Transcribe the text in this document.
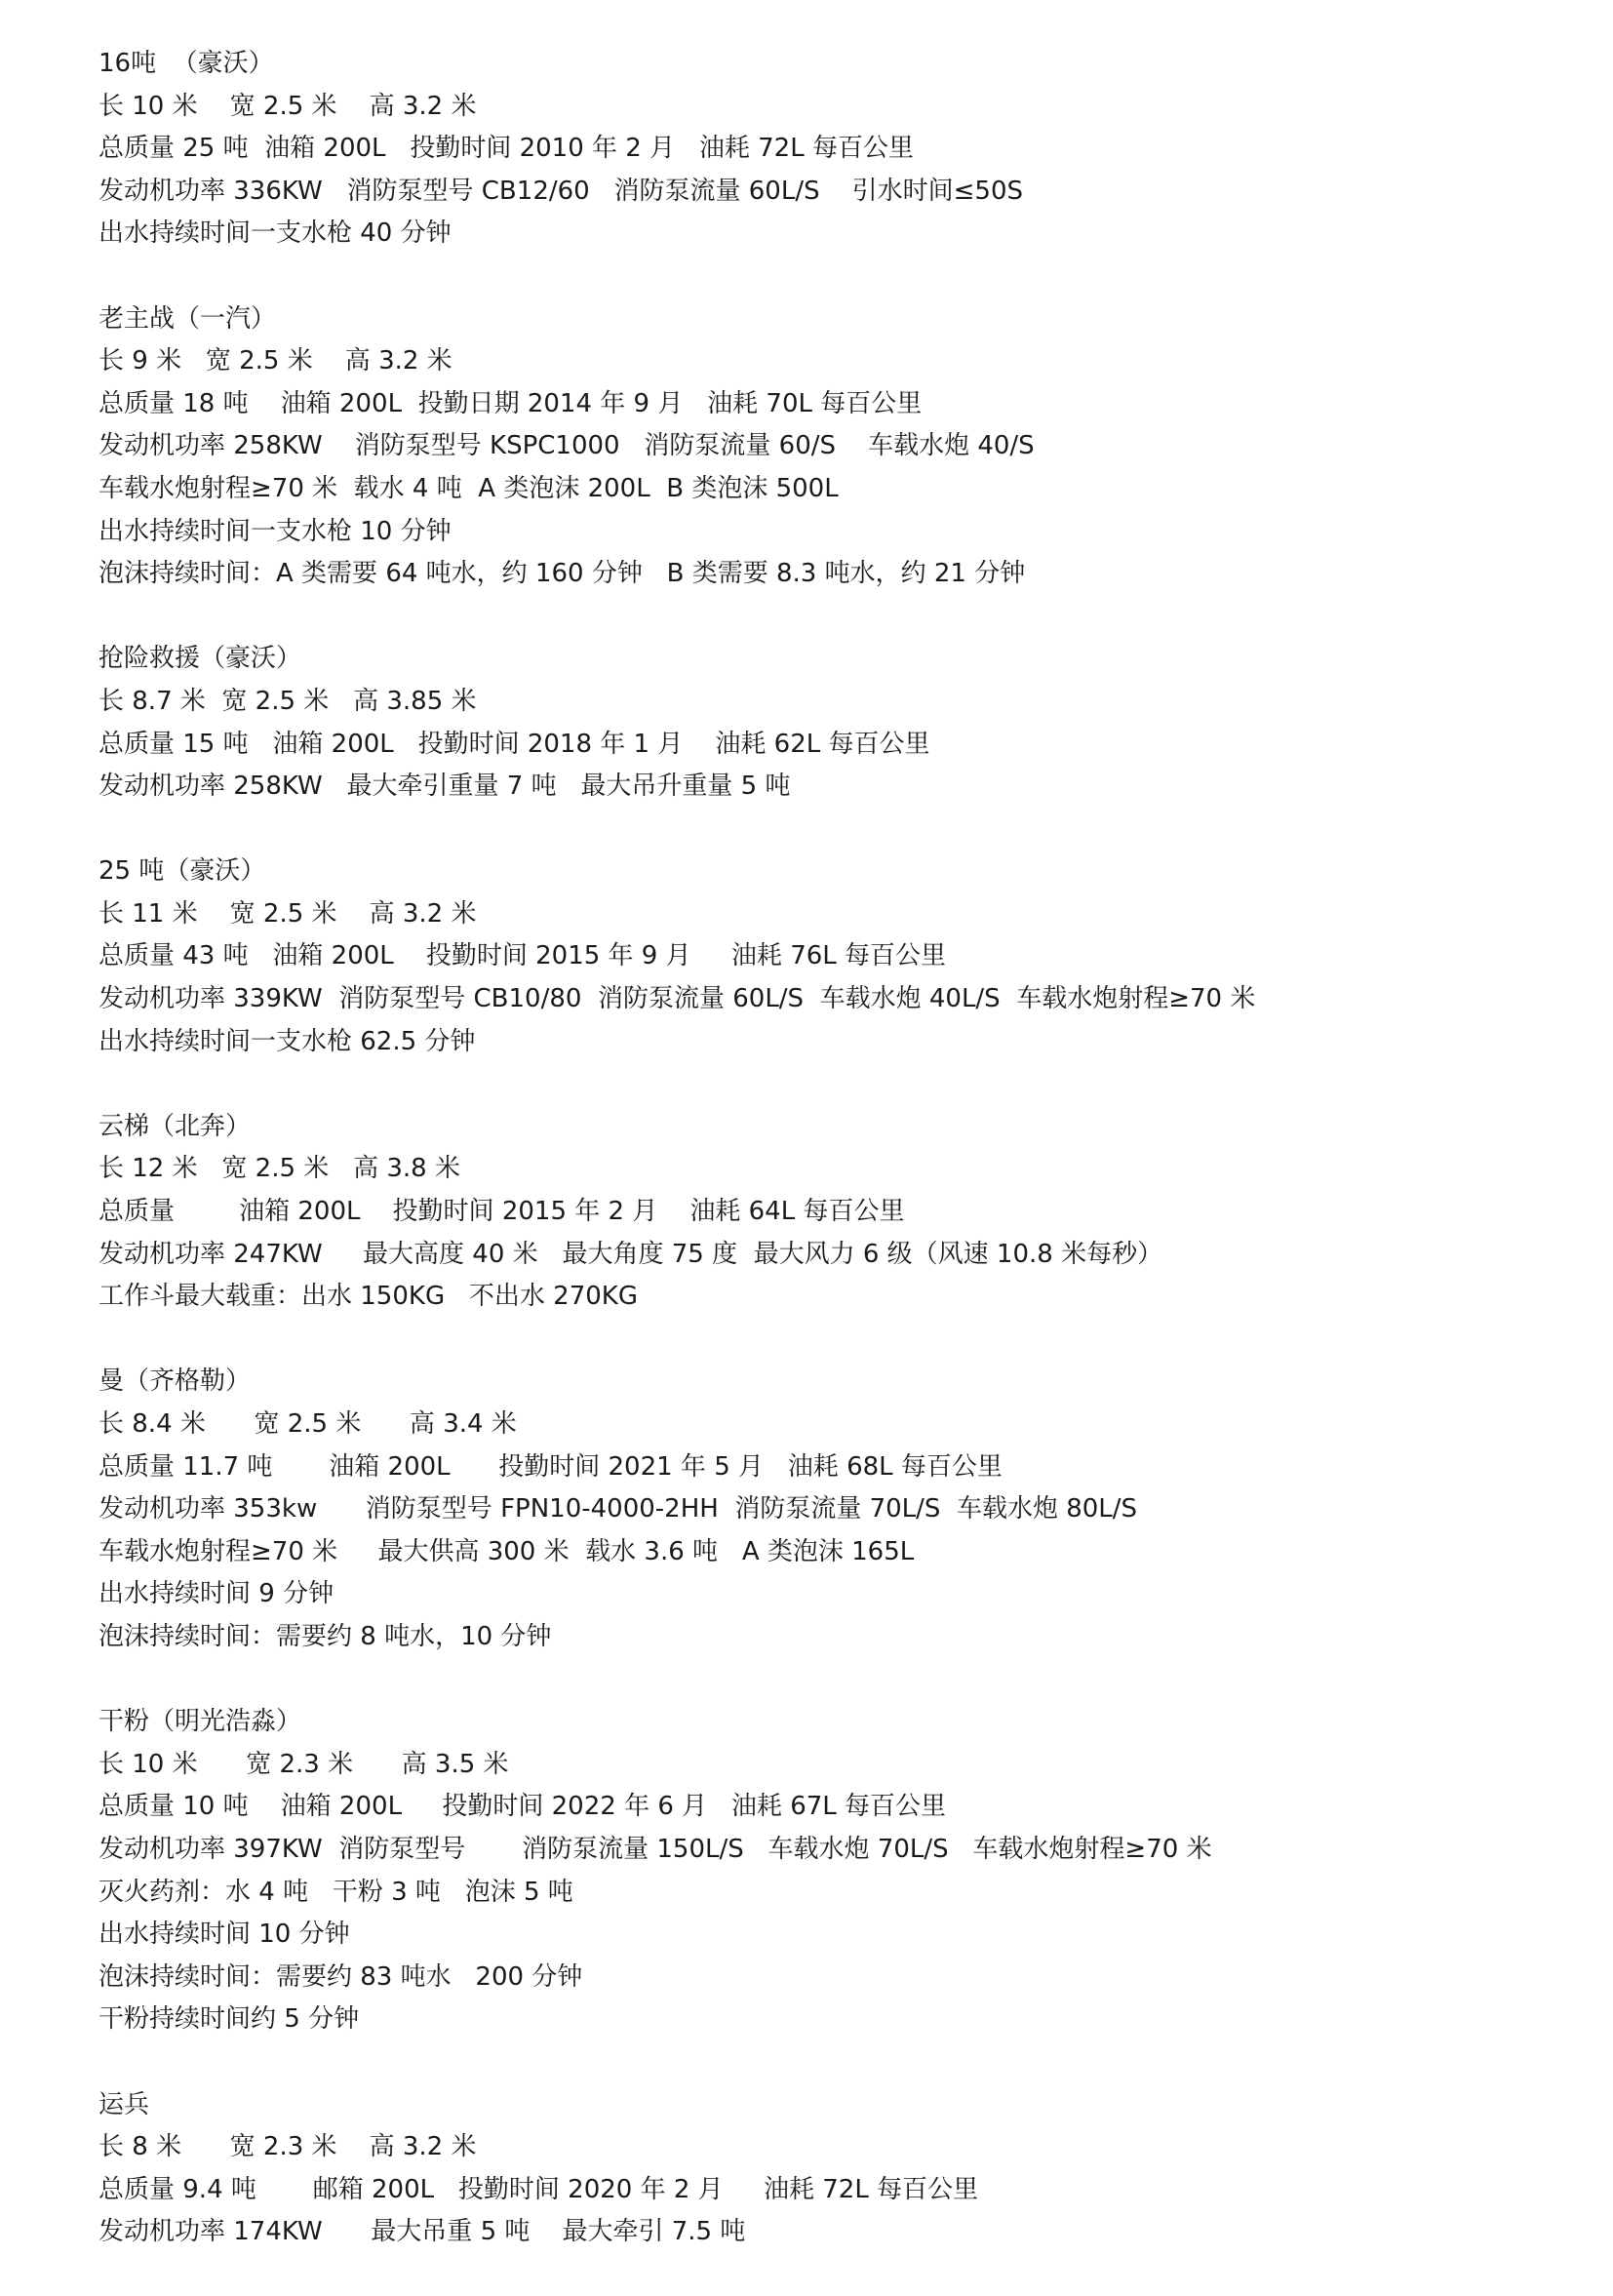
16吨  （豪沃）
长 10 米    宽 2.5 米    高 3.2 米
总质量 25 吨  油箱 200L   投勤时间 2010 年 2 月   油耗 72L 每百公里
发动机功率 336KW   消防泵型号 CB12/60   消防泵流量 60L/S    引水时间≤50S
出水持续时间一支水枪 40 分钟
老主战（一汽）
长 9 米   宽 2.5 米    高 3.2 米
总质量 18 吨    油箱 200L  投勤日期 2014 年 9 月   油耗 70L 每百公里
发动机功率 258KW    消防泵型号 KSPC1000   消防泵流量 60/S    车载水炮 40/S
车载水炮射程≥70 米  载水 4 吨  A 类泡沫 200L  B 类泡沫 500L
出水持续时间一支水枪 10 分钟
泡沫持续时间：A 类需要 64 吨水，约 160 分钟   B 类需要 8.3 吨水，约 21 分钟
抢险救援（豪沃）
长 8.7 米  宽 2.5 米   高 3.85 米
总质量 15 吨   油箱 200L   投勤时间 2018 年 1 月    油耗 62L 每百公里
发动机功率 258KW   最大牵引重量 7 吨   最大吊升重量 5 吨
25 吨（豪沃）
长 11 米    宽 2.5 米    高 3.2 米
总质量 43 吨   油箱 200L    投勤时间 2015 年 9 月     油耗 76L 每百公里
发动机功率 339KW  消防泵型号 CB10/80  消防泵流量 60L/S  车载水炮 40L/S  车载水炮射程≥70 米
出水持续时间一支水枪 62.5 分钟
云梯（北奔）
长 12 米   宽 2.5 米   高 3.8 米
总质量        油箱 200L    投勤时间 2015 年 2 月    油耗 64L 每百公里
发动机功率 247KW     最大高度 40 米   最大角度 75 度  最大风力 6 级（风速 10.8 米每秒）
工作斗最大载重：出水 150KG   不出水 270KG
曼（齐格勒）
长 8.4 米      宽 2.5 米      高 3.4 米
总质量 11.7 吨       油箱 200L      投勤时间 2021 年 5 月   油耗 68L 每百公里
发动机功率 353kw      消防泵型号 FPN10-4000-2HH  消防泵流量 70L/S  车载水炮 80L/S
车载水炮射程≥70 米     最大供高 300 米  载水 3.6 吨   A 类泡沫 165L
出水持续时间 9 分钟
泡沫持续时间：需要约 8 吨水，10 分钟
干粉（明光浩淼）
长 10 米      宽 2.3 米      高 3.5 米
总质量 10 吨    油箱 200L     投勤时间 2022 年 6 月   油耗 67L 每百公里
发动机功率 397KW  消防泵型号       消防泵流量 150L/S   车载水炮 70L/S   车载水炮射程≥70 米
灭火药剂：水 4 吨   干粉 3 吨   泡沫 5 吨
出水持续时间 10 分钟
泡沫持续时间：需要约 83 吨水   200 分钟
干粉持续时间约 5 分钟
运兵
长 8 米      宽 2.3 米    高 3.2 米
总质量 9.4 吨       邮箱 200L   投勤时间 2020 年 2 月     油耗 72L 每百公里
发动机功率 174KW      最大吊重 5 吨    最大牵引 7.5 吨
